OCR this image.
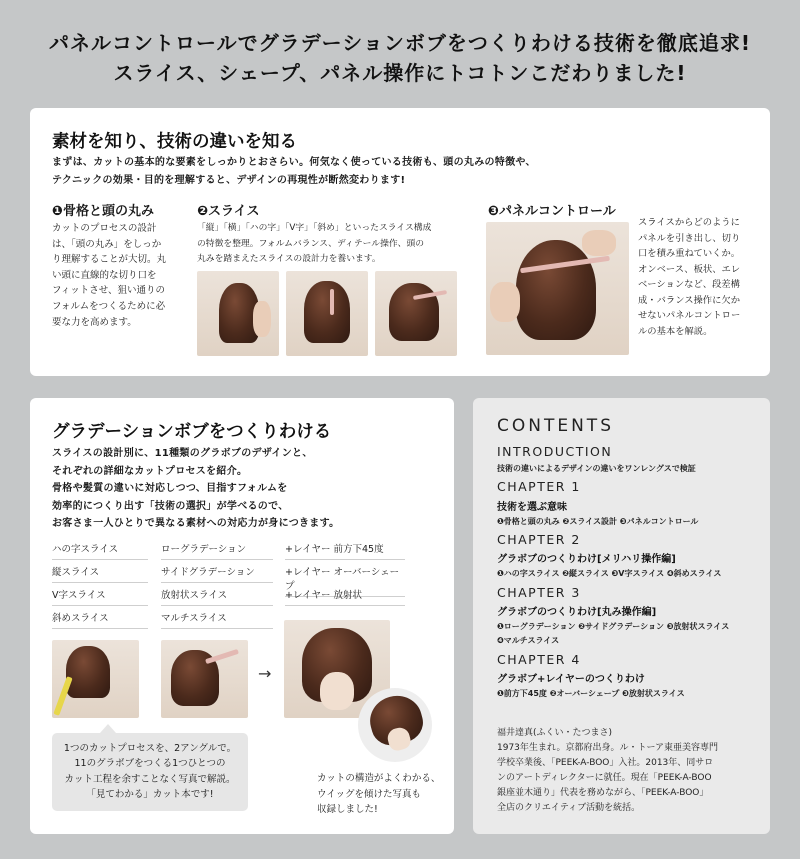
パネルコントロールでグラデーションボブをつくりわける技術を徹底追求!
スライス、シェープ、パネル操作にトコトンこだわりました!
素材を知り、技術の違いを知る
まずは、カットの基本的な要素をしっかりとおさらい。何気なく使っている技術も、頭の丸みの特徴や、
テクニックの効果・目的を理解すると、デザインの再現性が断然変わります!
❶骨格と頭の丸み
カットのプロセスの設計
は、「頭の丸み」をしっか
り理解することが大切。丸
い頭に直線的な切り口を
フィットさせ、狙い通りの
フォルムをつくるために必
要な力を高めます。
❷スライス
「縦」「横」「ハの字」「V字」「斜め」といったスライス構成
の特徴を整理。フォルムバランス、ディテール操作、頭の
丸みを踏まえたスライスの設計力を養います。
❸パネルコントロール
スライスからどのように
パネルを引き出し、切り
口を積み重ねていくか。
オンベース、板状、エレ
ベーションなど、段差構
成・バランス操作に欠か
せないパネルコントロー
ルの基本を解説。
グラデーションボブをつくりわける
スライスの設計別に、11種類のグラボブのデザインと、
それぞれの詳細なカットプロセスを紹介。
骨格や髪質の違いに対応しつつ、目指すフォルムを
効率的につくり出す「技術の選択」が学べるので、
お客さま一人ひとりで異なる素材への対応力が身につきます。
ハの字スライス
縦スライス
V字スライス
斜めスライス
ローグラデーション
サイドグラデーション
放射状スライス
マルチスライス
+レイヤー 前方下45度
+レイヤー オーバーシェープ
+レイヤー 放射状
→
1つのカットプロセスを、2アングルで。
11のグラボブをつくる1つひとつの
カット工程を余すことなく写真で解説。
「見てわかる」カット本です!
カットの構造がよくわかる、
ウイッグを傾けた写真も
収録しました!
CONTENTS
INTRODUCTION
技術の違いによるデザインの違いをワンレングスで検証
CHAPTER 1
技術を選ぶ意味
❶骨格と頭の丸み ❷スライス設計 ❸パネルコントロール
CHAPTER 2
グラボブのつくりわけ[メリハリ操作編]
❶ハの字スライス ❷縦スライス ❸V字スライス ❹斜めスライス
CHAPTER 3
グラボブのつくりわけ[丸み操作編]
❶ローグラデーション ❷サイドグラデーション ❸放射状スライス
❹マルチスライス
CHAPTER 4
グラボブ+レイヤーのつくりわけ
❶前方下45度 ❷オーバーシェープ ❸放射状スライス
福井達真(ふくい・たつまさ)
1973年生まれ。京都府出身。ル・トーア東亜美容専門
学校卒業後、「PEEK-A-BOO」入社。2013年、同サロ
ンのアートディレクターに就任。現在「PEEK-A-BOO
銀座並木通り」代表を務めながら、「PEEK-A-BOO」
全店のクリエイティブ活動を統括。
